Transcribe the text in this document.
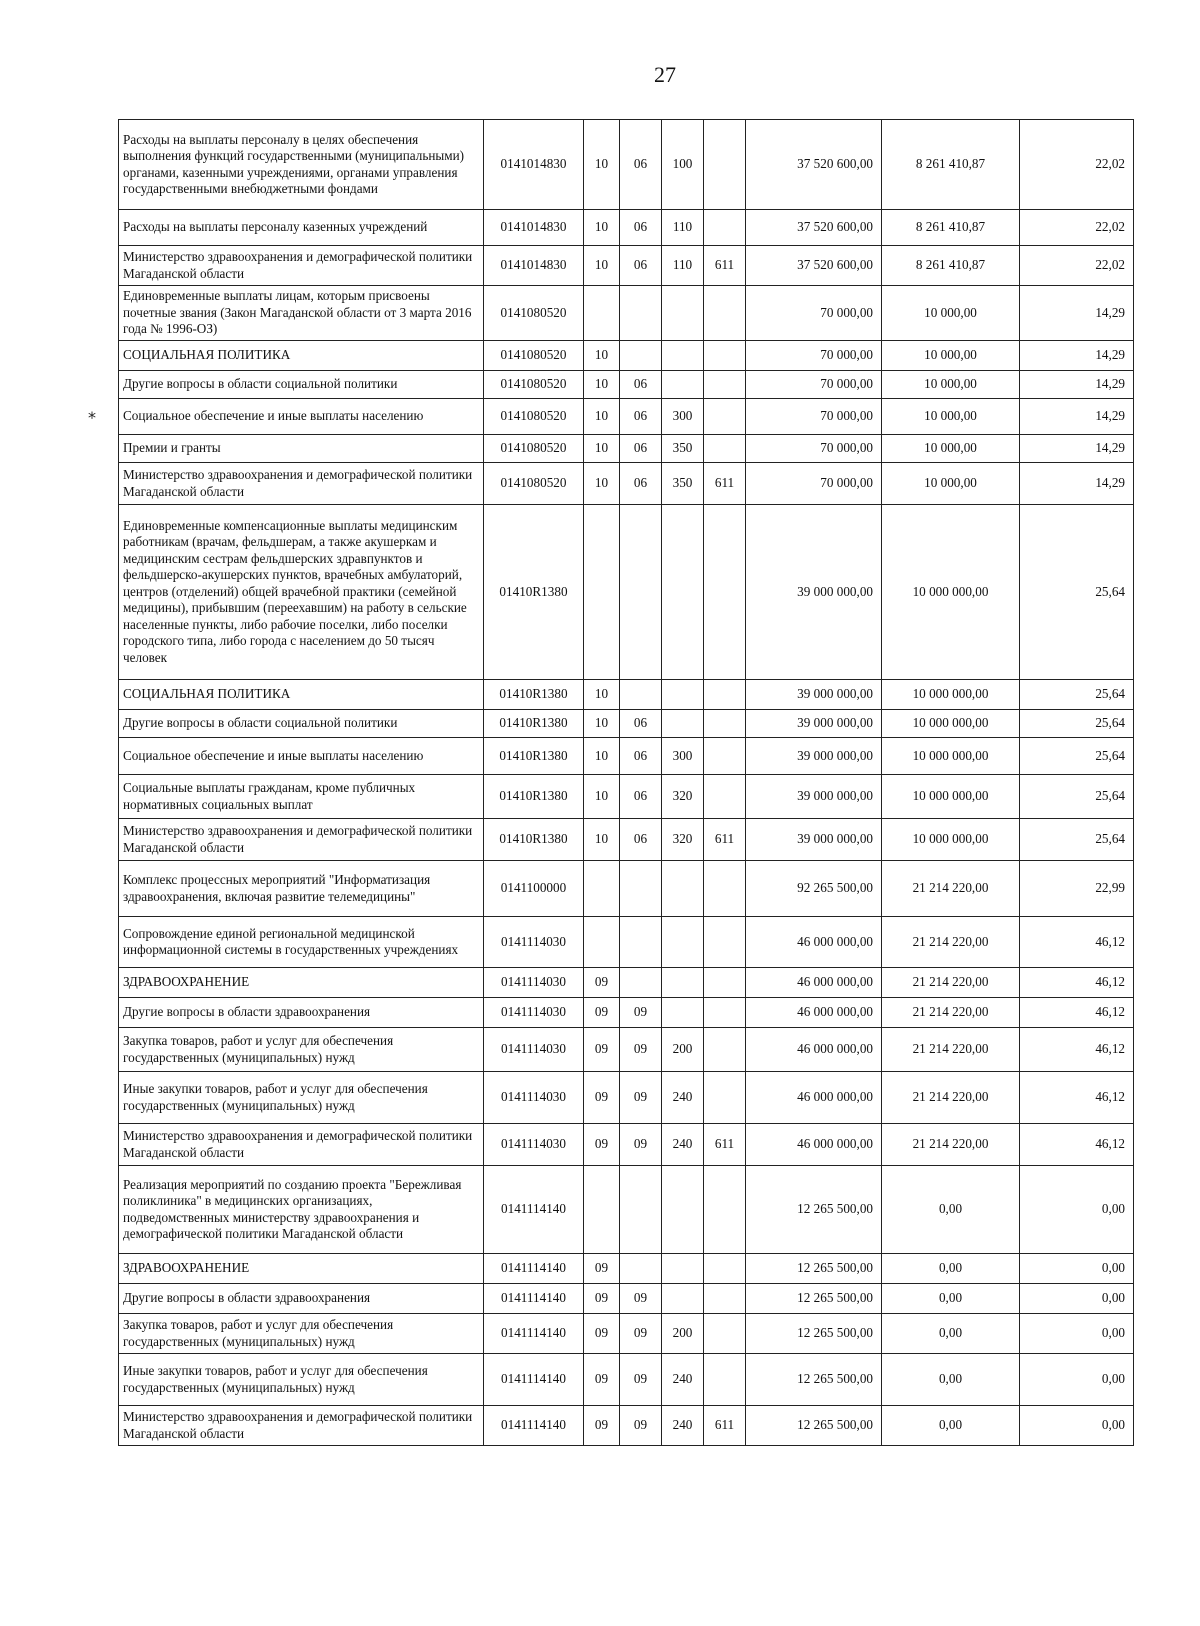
27
*
Расходы на выплаты персоналу в целях обеспечения выполнения функций государственными (муниципальными) органами, казенными учреждениями, органами управления государственными внебюджетными фондами	0141014830	10	06	100		37 520 600,00	8 261 410,87	22,02
Расходы на выплаты персоналу казенных учреждений	0141014830	10	06	110		37 520 600,00	8 261 410,87	22,02
Министерство здравоохранения и демографической политики Магаданской области	0141014830	10	06	110	611	37 520 600,00	8 261 410,87	22,02
Единовременные выплаты лицам, которым присвоены почетные звания (Закон Магаданской области от 3 марта 2016 года № 1996-ОЗ)	0141080520					70 000,00	10 000,00	14,29
СОЦИАЛЬНАЯ ПОЛИТИКА	0141080520	10				70 000,00	10 000,00	14,29
Другие вопросы в области социальной политики	0141080520	10	06			70 000,00	10 000,00	14,29
Социальное обеспечение и иные выплаты населению	0141080520	10	06	300		70 000,00	10 000,00	14,29
Премии и гранты	0141080520	10	06	350		70 000,00	10 000,00	14,29
Министерство здравоохранения и демографической политики Магаданской области	0141080520	10	06	350	611	70 000,00	10 000,00	14,29
Единовременные компенсационные выплаты медицинским работникам (врачам, фельдшерам, а также акушеркам и медицинским сестрам фельдшерских здравпунктов и фельдшерско-акушерских пунктов, врачебных амбулаторий, центров (отделений) общей врачебной практики (семейной медицины), прибывшим (переехавшим) на работу в сельские населенные пункты, либо рабочие поселки, либо поселки городского типа, либо города с населением до 50 тысяч человек	01410R1380					39 000 000,00	10 000 000,00	25,64
СОЦИАЛЬНАЯ ПОЛИТИКА	01410R1380	10				39 000 000,00	10 000 000,00	25,64
Другие вопросы в области социальной политики	01410R1380	10	06			39 000 000,00	10 000 000,00	25,64
Социальное обеспечение и иные выплаты населению	01410R1380	10	06	300		39 000 000,00	10 000 000,00	25,64
Социальные выплаты гражданам, кроме публичных нормативных социальных выплат	01410R1380	10	06	320		39 000 000,00	10 000 000,00	25,64
Министерство здравоохранения и демографической политики Магаданской области	01410R1380	10	06	320	611	39 000 000,00	10 000 000,00	25,64
Комплекс процессных мероприятий "Информатизация здравоохранения, включая развитие телемедицины"	0141100000					92 265 500,00	21 214 220,00	22,99
Сопровождение единой региональной медицинской информационной системы в государственных учреждениях	0141114030					46 000 000,00	21 214 220,00	46,12
ЗДРАВООХРАНЕНИЕ	0141114030	09				46 000 000,00	21 214 220,00	46,12
Другие вопросы в области здравоохранения	0141114030	09	09			46 000 000,00	21 214 220,00	46,12
Закупка товаров, работ и услуг для обеспечения государственных (муниципальных) нужд	0141114030	09	09	200		46 000 000,00	21 214 220,00	46,12
Иные закупки товаров, работ и услуг для обеспечения государственных (муниципальных) нужд	0141114030	09	09	240		46 000 000,00	21 214 220,00	46,12
Министерство здравоохранения и демографической политики Магаданской области	0141114030	09	09	240	611	46 000 000,00	21 214 220,00	46,12
Реализация мероприятий по созданию проекта "Бережливая поликлиника" в медицинских организациях, подведомственных министерству здравоохранения и демографической политики Магаданской области	0141114140					12 265 500,00	0,00	0,00
ЗДРАВООХРАНЕНИЕ	0141114140	09				12 265 500,00	0,00	0,00
Другие вопросы в области здравоохранения	0141114140	09	09			12 265 500,00	0,00	0,00
Закупка товаров, работ и услуг для обеспечения государственных (муниципальных) нужд	0141114140	09	09	200		12 265 500,00	0,00	0,00
Иные закупки товаров, работ и услуг для обеспечения государственных (муниципальных) нужд	0141114140	09	09	240		12 265 500,00	0,00	0,00
Министерство здравоохранения и демографической политики Магаданской области	0141114140	09	09	240	611	12 265 500,00	0,00	0,00
